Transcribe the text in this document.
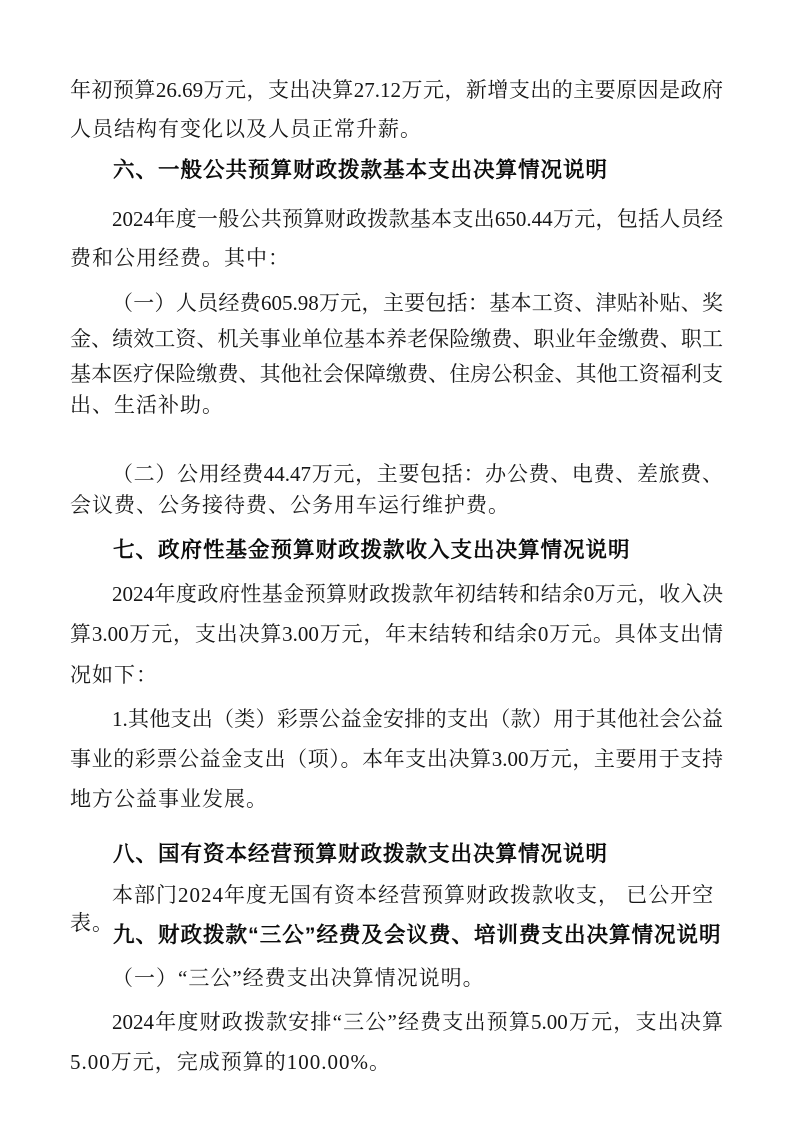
年初预算26.69万元，支出决算27.12万元，新增支出的主要原因是政府
人员结构有变化以及人员正常升薪。
六、一般公共预算财政拨款基本支出决算情况说明
2024年度一般公共预算财政拨款基本支出650.44万元，包括人员经
费和公用经费。其中：
（一）人员经费605.98万元，主要包括：基本工资、津贴补贴、奖
金、绩效工资、机关事业单位基本养老保险缴费、职业年金缴费、职工
基本医疗保险缴费、其他社会保障缴费、住房公积金、其他工资福利支
出、生活补助。
（二）公用经费44.47万元，主要包括：办公费、电费、差旅费、
会议费、公务接待费、公务用车运行维护费。
七、政府性基金预算财政拨款收入支出决算情况说明
2024年度政府性基金预算财政拨款年初结转和结余0万元，收入决
算3.00万元，支出决算3.00万元，年末结转和结余0万元。具体支出情
况如下：
1.其他支出（类）彩票公益金安排的支出（款）用于其他社会公益
事业的彩票公益金支出（项）。本年支出决算3.00万元，主要用于支持
地方公益事业发展。
八、国有资本经营预算财政拨款支出决算情况说明
本部门2024年度无国有资本经营预算财政拨款收支， 已公开空表。 九、财政拨款“三公”经费及会议费、培训费支出决算情况说明
（一）“三公”经费支出决算情况说明。
2024年度财政拨款安排“三公”经费支出预算5.00万元，支出决算
5.00万元，完成预算的100.00%。
